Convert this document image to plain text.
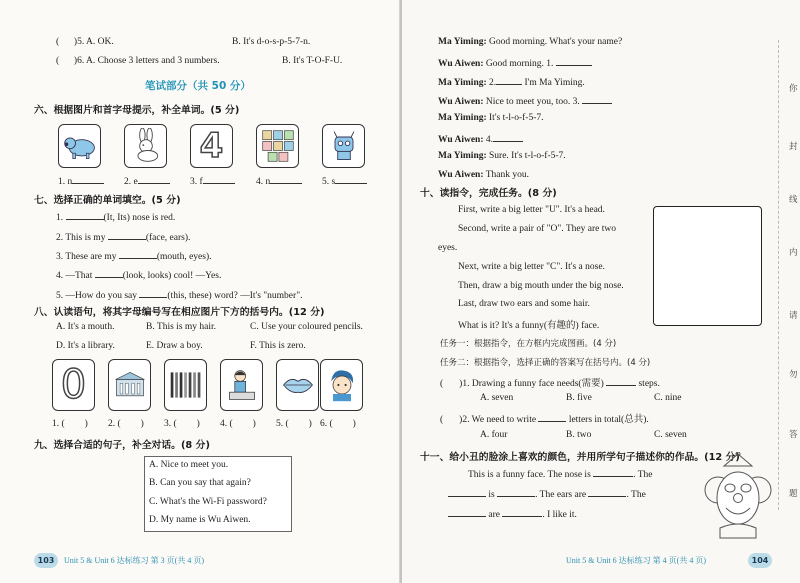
( )5. A. OK.	B. It's d-o-s-p-5-7-n.
( )6. A. Choose 3 letters and 3 numbers.	B. It's T-O-F-U.
笔试部分（共 50 分）
六、根据图片和首字母提示，补全单词。(5 分)
4
1. n	2. e	3. f	4. n	5. s
七、选择正确的单词填空。(5 分)
1.	(It, Its) nose is red.
2. This is my	(face, ears).
3. These are my	(mouth, eyes).
4. —That	(look, looks) cool! —Yes.
5. —How do you say	(this, these) word? —It's "number".
八、认读语句，将其字母编号写在相应图片下方的括号内。(12 分)
A. It's a mouth.	B. This is my hair.	C. Use your coloured pencils.
D. It's a library.	E. Draw a boy.	F. This is zero.
0
1. ( ) 2. ( ) 3. ( ) 4. ( ) 5. ( ) 6. ( )
九、选择合适的句子，补全对话。(8 分)
A. Nice to meet you.
B. Can you say that again?
C. What's the Wi-Fi password?
D. My name is Wu Aiwen.
103	Unit 5 & Unit 6 达标练习 第 3 页(共 4 页)
Ma Yiming: Good morning. What's your name?
Wu Aiwen: Good morning. 1.
Ma Yiming: 2.	I'm Ma Yiming.
Wu Aiwen: Nice to meet you, too. 3.
Ma Yiming: It's t-l-o-f-5-7.
Wu Aiwen: 4.
Ma Yiming: Sure. It's t-l-o-f-5-7.
Wu Aiwen: Thank you.
十、读指令，完成任务。(8 分)
First, write a big letter "U". It's a head.
Second, write a pair of "O". They are two
eyes.
Next, write a big letter "C". It's a nose.
Then, draw a big mouth under the big nose.
Last, draw two ears and some hair.
What is it? It's a funny(有趣的) face.
任务一：根据指令，在方框内完成图画。(4 分)
任务二：根据指令，选择正确的答案写在括号内。(4 分)
( )1. Drawing a funny face needs(需要)	steps.
A. seven	B. five	C. nine
( )2. We need to write	letters in total(总共).
A. four	B. two	C. seven
十一、给小丑的脸涂上喜欢的颜色，并用所学句子描述你的作品。(12 分)
This is a funny face. The nose is	. The
is	. The ears are	. The
are	. I like it.
你
封
线
内
请
勿
答
题
Unit 5 & Unit 6 达标练习 第 4 页(共 4 页)	104
